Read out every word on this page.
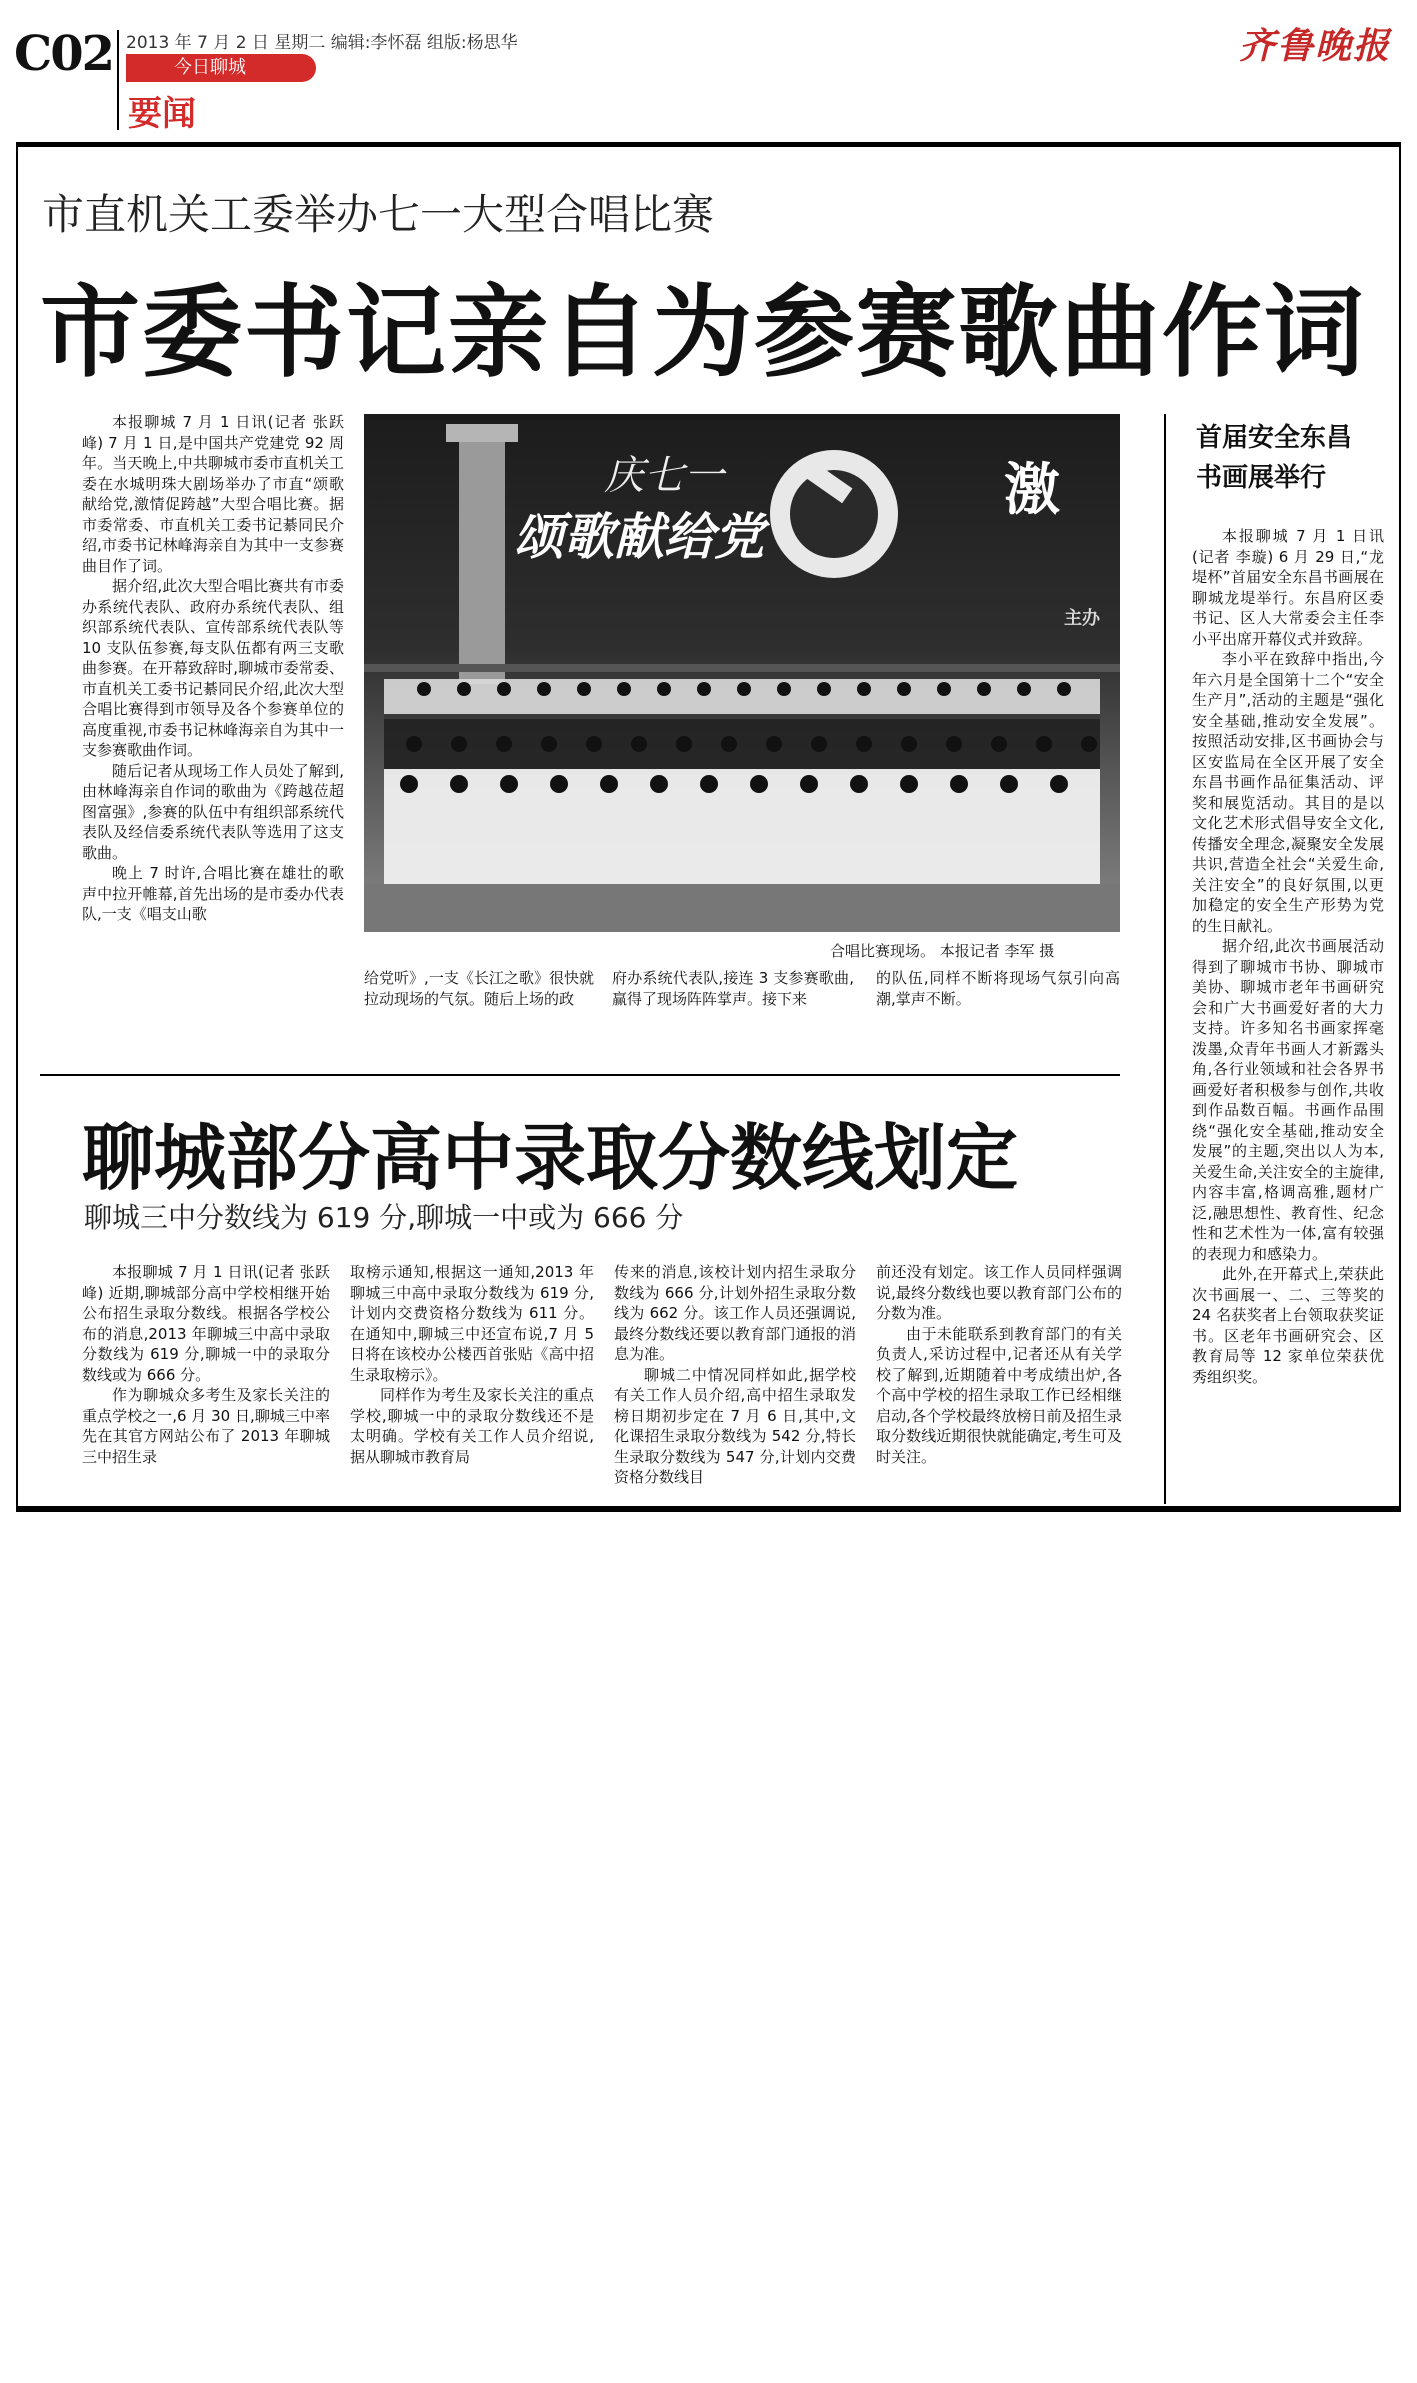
C02 2013 年 7 月 2 日 星期二 编辑:李怀磊 组版:杨思华
今日聊城
要闻
齐鲁晚报
市直机关工委举办七一大型合唱比赛
市委书记亲自为参赛歌曲作词

本报聊城 7 月 1 日讯(记者 张跃峰) 7 月 1 日,是中国共产党建党 92 周年。当天晚上,中共聊城市委市直机关工委在水城明珠大剧场举办了市直“颂歌献给党,激情促跨越”大型合唱比赛。据市委常委、市直机关工委书记綦同民介绍,市委书记林峰海亲自为其中一支参赛曲目作了词。

据介绍,此次大型合唱比赛共有市委办系统代表队、政府办系统代表队、组织部系统代表队、宣传部系统代表队等 10 支队伍参赛,每支队伍都有两三支歌曲参赛。在开幕致辞时,聊城市委常委、市直机关工委书记綦同民介绍,此次大型合唱比赛得到市领导及各个参赛单位的高度重视,市委书记林峰海亲自为其中一支参赛歌曲作词。

随后记者从现场工作人员处了解到,由林峰海亲自作词的歌曲为《跨越莅超图富强》,参赛的队伍中有组织部系统代表队及经信委系统代表队等选用了这支歌曲。

晚上 7 时许,合唱比赛在雄壮的歌声中拉开帷幕,首先出场的是市委办代表队,一支《唱支山歌

庆七一
颂歌献给党
激
主办
合唱比赛现场。 本报记者 李军 摄

给党听》,一支《长江之歌》很快就拉动现场的气氛。随后上场的政

府办系统代表队,接连 3 支参赛歌曲,赢得了现场阵阵掌声。接下来

的队伍,同样不断将现场气氛引向高潮,掌声不断。

首届安全东昌
书画展举行

本报聊城 7 月 1 日讯(记者 李璇) 6 月 29 日,“龙堤杯”首届安全东昌书画展在聊城龙堤举行。东昌府区委书记、区人大常委会主任李小平出席开幕仪式并致辞。

李小平在致辞中指出,今年六月是全国第十二个“安全生产月”,活动的主题是“强化安全基础,推动安全发展”。按照活动安排,区书画协会与区安监局在全区开展了安全东昌书画作品征集活动、评奖和展览活动。其目的是以文化艺术形式倡导安全文化,传播安全理念,凝聚安全发展共识,营造全社会“关爱生命,关注安全”的良好氛围,以更加稳定的安全生产形势为党的生日献礼。

据介绍,此次书画展活动得到了聊城市书协、聊城市美协、聊城市老年书画研究会和广大书画爱好者的大力支持。许多知名书画家挥毫泼墨,众青年书画人才新露头角,各行业领域和社会各界书画爱好者积极参与创作,共收到作品数百幅。书画作品围绕“强化安全基础,推动安全发展”的主题,突出以人为本,关爱生命,关注安全的主旋律,内容丰富,格调高雅,题材广泛,融思想性、教育性、纪念性和艺术性为一体,富有较强的表现力和感染力。

此外,在开幕式上,荣获此次书画展一、二、三等奖的 24 名获奖者上台领取获奖证书。区老年书画研究会、区教育局等 12 家单位荣获优秀组织奖。

聊城部分高中录取分数线划定
聊城三中分数线为 619 分,聊城一中或为 666 分

本报聊城 7 月 1 日讯(记者 张跃峰) 近期,聊城部分高中学校相继开始公布招生录取分数线。根据各学校公布的消息,2013 年聊城三中高中录取分数线为 619 分,聊城一中的录取分数线或为 666 分。

作为聊城众多考生及家长关注的重点学校之一,6 月 30 日,聊城三中率先在其官方网站公布了 2013 年聊城三中招生录

取榜示通知,根据这一通知,2013 年聊城三中高中录取分数线为 619 分,计划内交费资格分数线为 611 分。在通知中,聊城三中还宣布说,7 月 5 日将在该校办公楼西首张贴《高中招生录取榜示》。

同样作为考生及家长关注的重点学校,聊城一中的录取分数线还不是太明确。学校有关工作人员介绍说,据从聊城市教育局

传来的消息,该校计划内招生录取分数线为 666 分,计划外招生录取分数线为 662 分。该工作人员还强调说,最终分数线还要以教育部门通报的消息为准。

聊城二中情况同样如此,据学校有关工作人员介绍,高中招生录取发榜日期初步定在 7 月 6 日,其中,文化课招生录取分数线为 542 分,特长生录取分数线为 547 分,计划内交费资格分数线目

前还没有划定。该工作人员同样强调说,最终分数线也要以教育部门公布的分数为准。

由于未能联系到教育部门的有关负责人,采访过程中,记者还从有关学校了解到,近期随着中考成绩出炉,各个高中学校的招生录取工作已经相继启动,各个学校最终放榜日前及招生录取分数线近期很快就能确定,考生可及时关注。
